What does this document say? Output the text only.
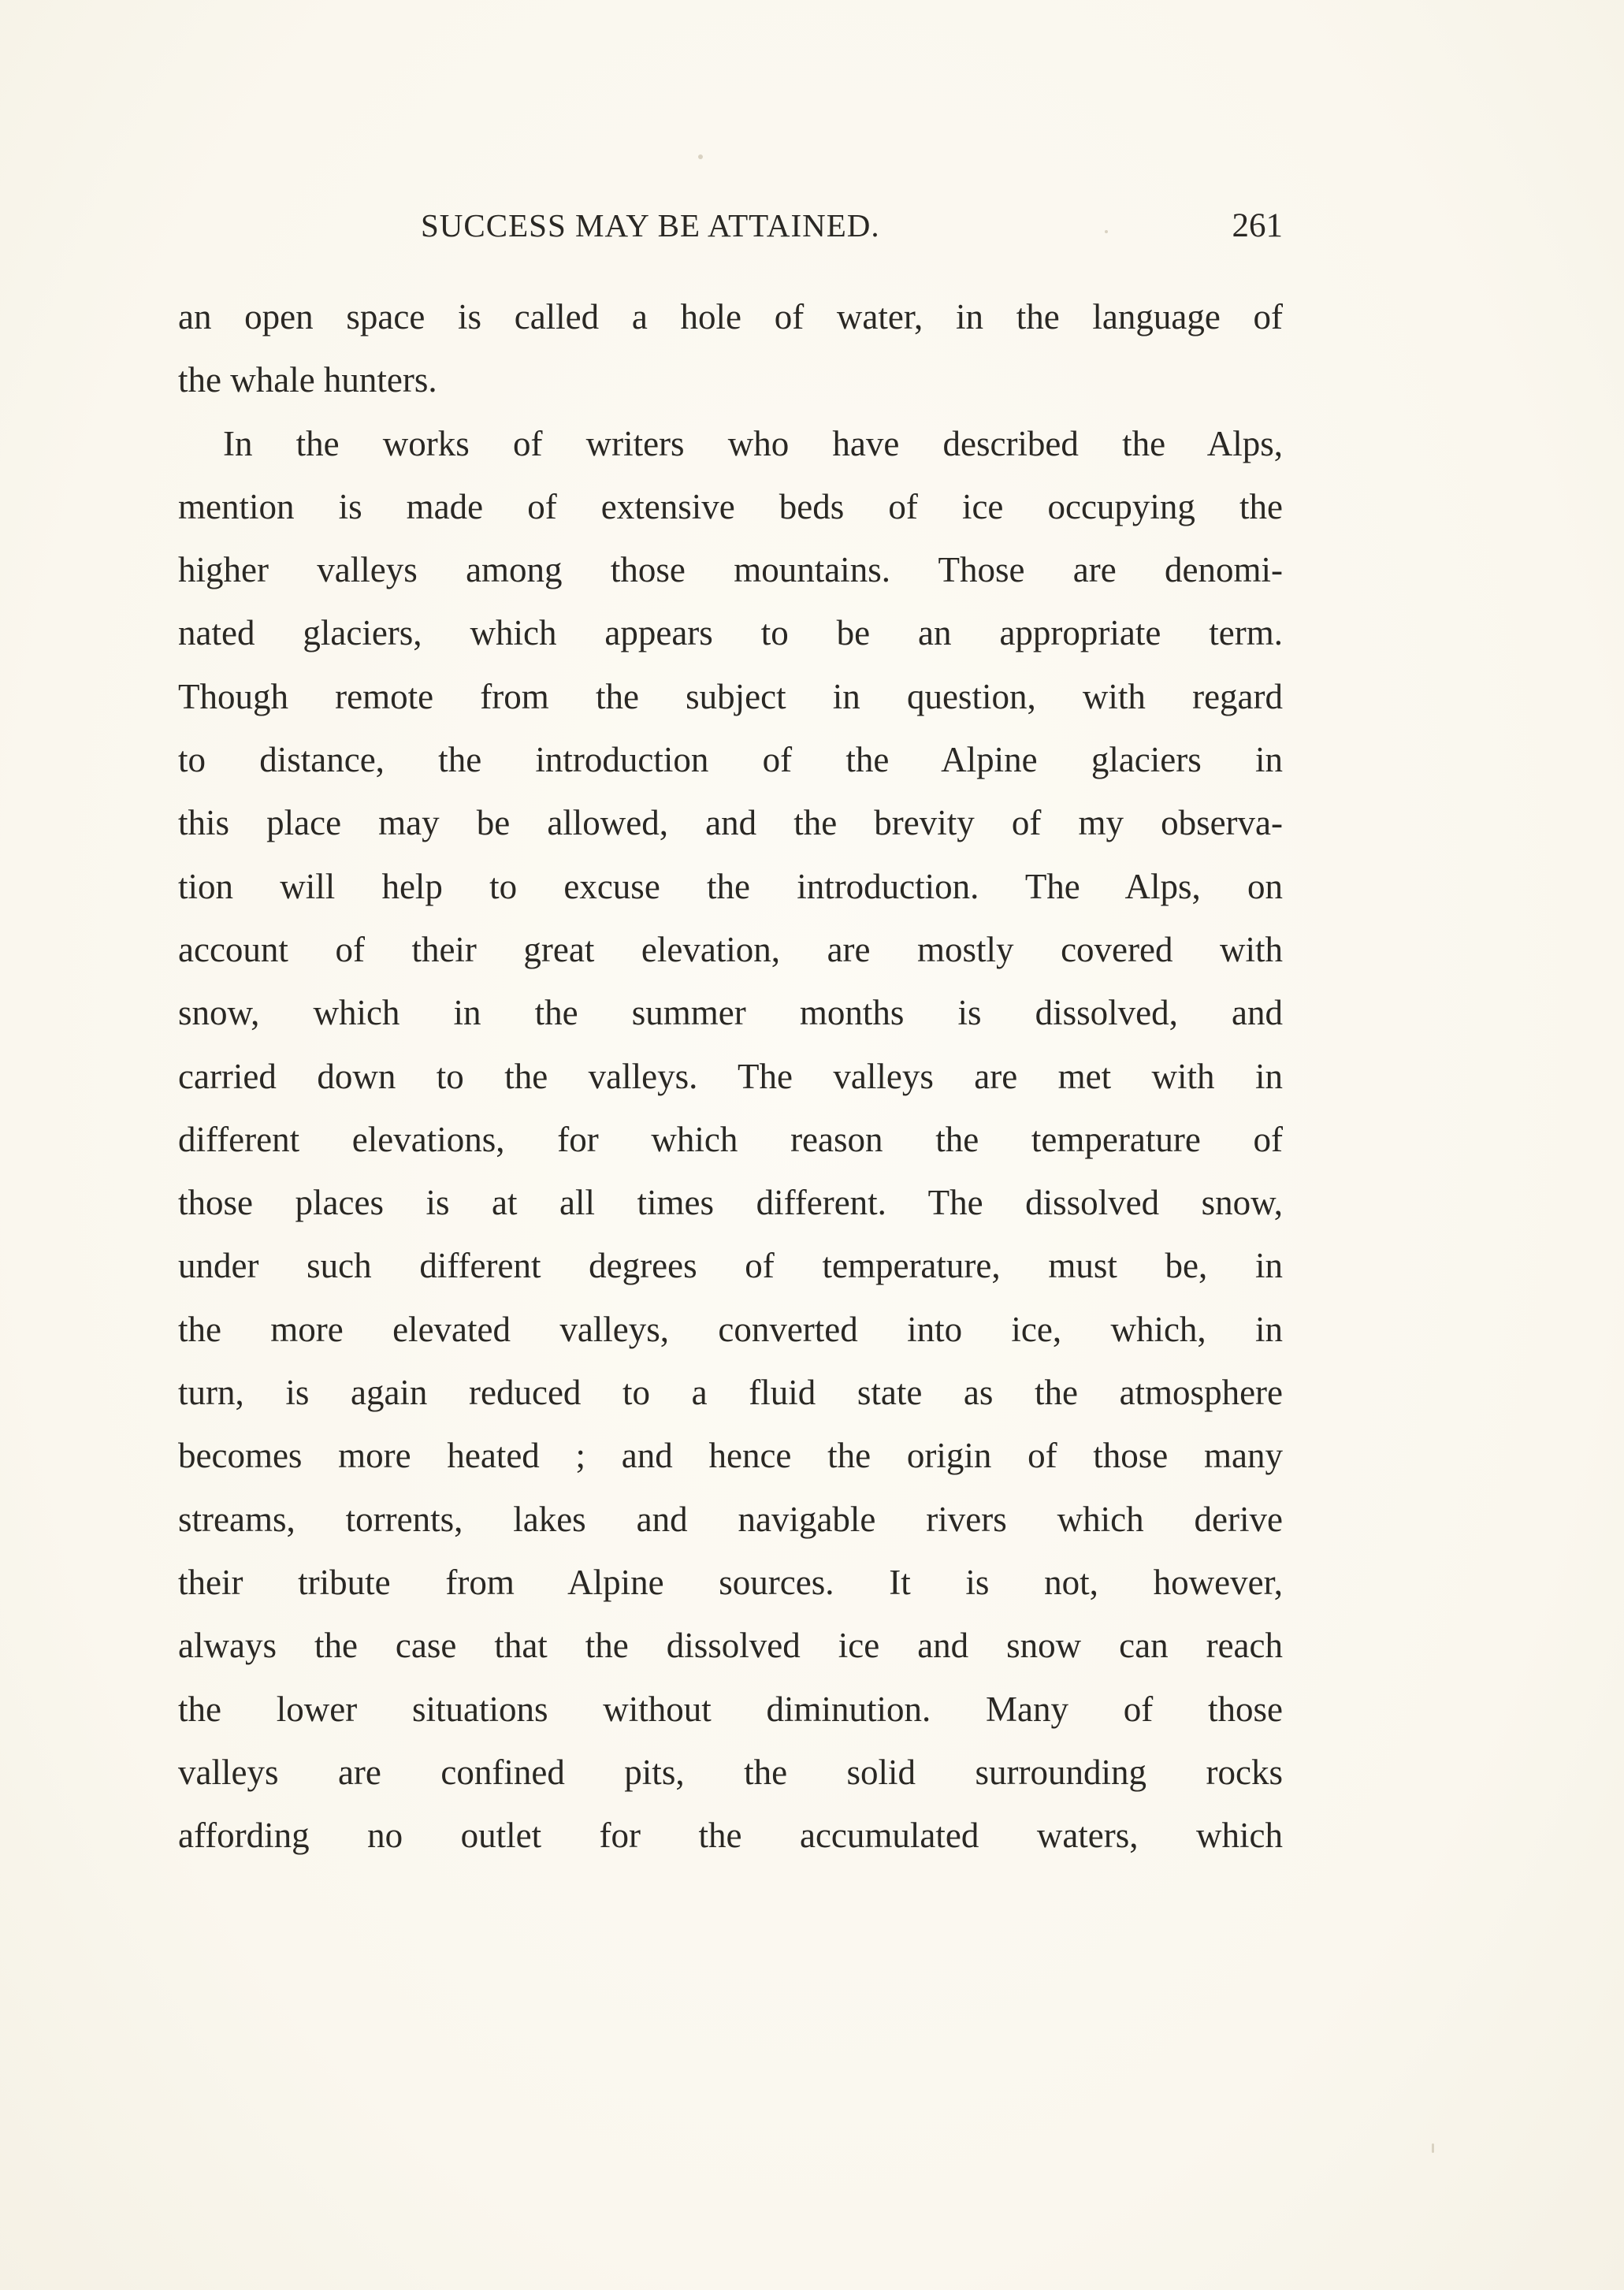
SUCCESS MAY BE ATTAINED.	261
an open space is called a hole of water, in the language of
the whale hunters.
In the works of writers who have described the Alps,
mention is made of extensive beds of ice occupying the
higher valleys among those mountains. Those are denomi-
nated glaciers, which appears to be an appropriate term.
Though remote from the subject in question, with regard
to distance, the introduction of the Alpine glaciers in
this place may be allowed, and the brevity of my observa-
tion will help to excuse the introduction. The Alps, on
account of their great elevation, are mostly covered with
snow, which in the summer months is dissolved, and
carried down to the valleys. The valleys are met with in
different elevations, for which reason the temperature of
those places is at all times different. The dissolved snow,
under such different degrees of temperature, must be, in
the more elevated valleys, converted into ice, which, in
turn, is again reduced to a fluid state as the atmosphere
becomes more heated ; and hence the origin of those many
streams, torrents, lakes and navigable rivers which derive
their tribute from Alpine sources. It is not, however,
always the case that the dissolved ice and snow can reach
the lower situations without diminution. Many of those
valleys are confined pits, the solid surrounding rocks
affording no outlet for the accumulated waters, which
